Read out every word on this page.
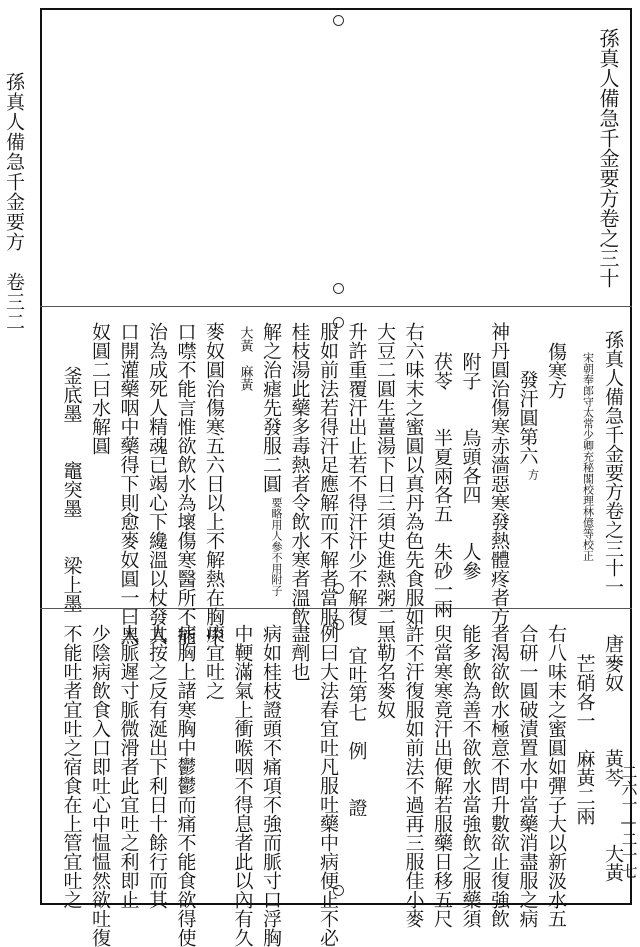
孫真人備急千金要方　卷三二
二六一—二一七
孫真人備急千金要方卷之三十
孫真人備急千金要方卷之三十一　　唐一
宋朝奉郎守太常少卿充秘閣校理林億等校正
傷寒方
發汗圓第六
方
神丹圓治傷寒赤濇惡寒發熱體疼者方
附子　　烏頭各四　　人參
茯苓　　半夏兩各五　朱砂一兩
右六味末之蜜圓以真丹為色先食服如
大豆二圓生薑湯下日三須史進熱粥二
升許重覆汗出止若不得汗汗少不解復
服如前法若得汗足應解而不解者當服
桂枝湯此藥多毒熱者令飲水寒者溫飲
解之治瘧先發服二圓
要略用人參不用附子
大黃　麻黃
麥奴圓治傷寒五六日以上不解熱在胸中
口噤不能言惟欲飲水為壞傷寒醫所不能
治為成死人精魂已竭心下纔溫以杖發其
口開灌藥咽中藥得下則愈麥奴圓一曰黑
奴圓二曰水解圓
釜底墨　　竈突墨　　梁上墨
麥奴　　　黃芩　　　大黃
芒硝各一　麻黃二兩
右八味末之蜜圓如彈子大以新汲水五
合研一圓破漬置水中當藥消盡服之病
者渴欲飲水極意不問升數欲止復強飲
能多飲為善不欲飲水當強飲之服藥須
臾當寒寒竟汗出便解若服藥日移五尺
許不汗復服如前法不過再三服佳小麥
黑勒名麥奴
宜吐第七　例　　證
例曰大法春宜吐凡服吐藥中病便止不必
盡劑也
病如桂枝證頭不痛項不強而脈寸口浮胸
中鞕滿氣上衝喉咽不得息者此以內有久
痰宜吐之
病胸上諸寒胸中鬱鬱而痛不能食欲得使
人按之反有涎出下利日十餘行而其
人脈遲寸脈微滑者此宜吐之利即止
少陰病飲食入口即吐心中愠愠然欲吐復
不能吐者宜吐之宿食在上管宜吐之
